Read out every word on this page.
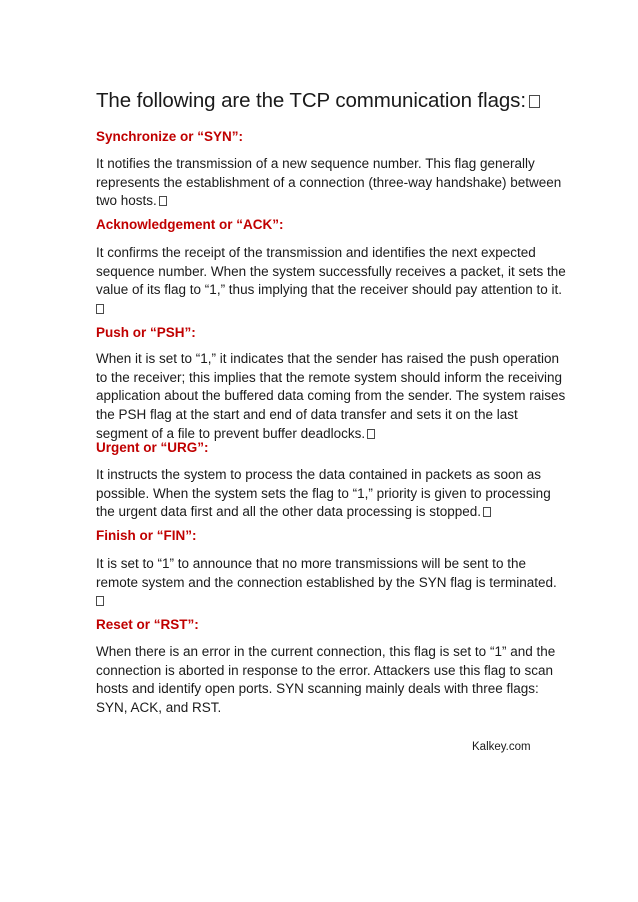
The following are the TCP communication flags:
Synchronize or “SYN”:

It notifies the transmission of a new sequence number. This flag generally
represents the establishment of a connection (three-way handshake) between
two hosts.

Acknowledgement or “ACK”:

It confirms the receipt of the transmission and identifies the next expected
sequence number. When the system successfully receives a packet, it sets the
value of its flag to “1,” thus implying that the receiver should pay attention to it.

Push or “PSH”:

When it is set to “1,” it indicates that the sender has raised the push operation
to the receiver; this implies that the remote system should inform the receiving
application about the buffered data coming from the sender. The system raises
the PSH flag at the start and end of data transfer and sets it on the last
segment of a file to prevent buffer deadlocks.

Urgent or “URG”:

It instructs the system to process the data contained in packets as soon as
possible. When the system sets the flag to “1,” priority is given to processing
the urgent data first and all the other data processing is stopped.

Finish or “FIN”:

It is set to “1” to announce that no more transmissions will be sent to the
remote system and the connection established by the SYN flag is terminated.

Reset or “RST”:

When there is an error in the current connection, this flag is set to “1” and the
connection is aborted in response to the error. Attackers use this flag to scan
hosts and identify open ports. SYN scanning mainly deals with three flags:
SYN, ACK, and RST.

Kalkey.com
